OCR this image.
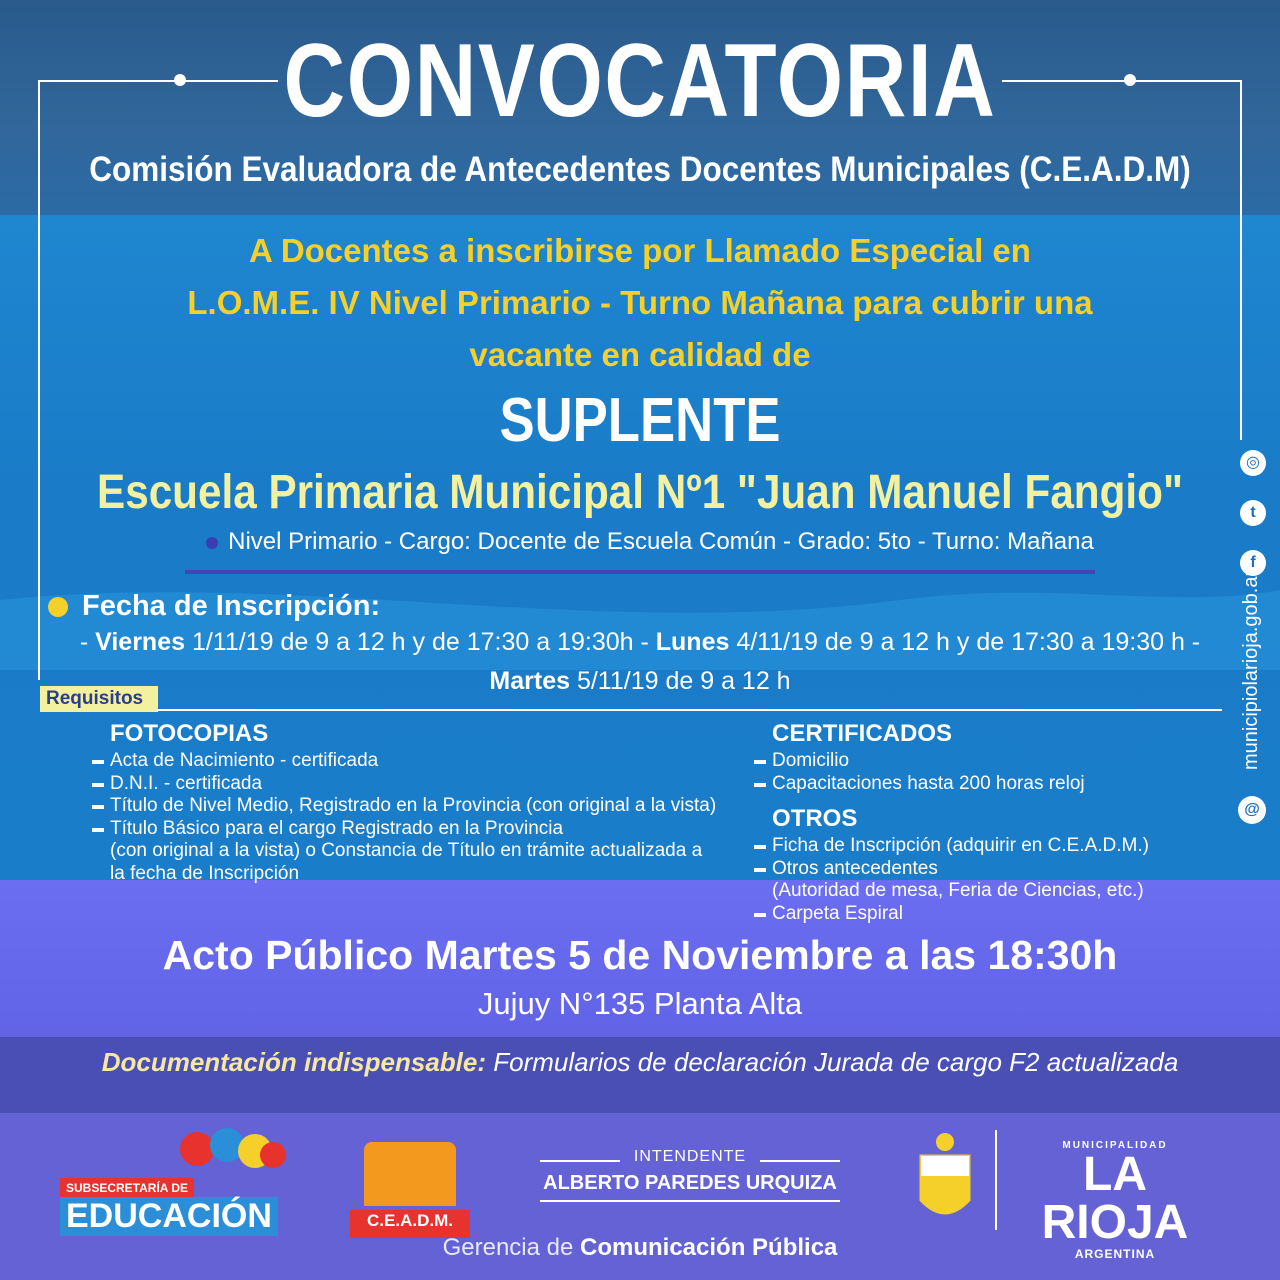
CONVOCATORIA
Comisión Evaluadora de Antecedentes Docentes Municipales (C.E.A.D.M)
A Docentes a inscribirse por Llamado Especial en
L.O.M.E. IV Nivel Primario - Turno Mañana para cubrir una
vacante en calidad de
SUPLENTE
Escuela Primaria Municipal Nº1 "Juan Manuel Fangio"
Nivel Primario - Cargo: Docente de Escuela Común - Grado: 5to - Turno: Mañana
Fecha de Inscripción:
- Viernes 1/11/19 de 9 a 12 h y de 17:30 a 19:30h - Lunes 4/11/19 de 9 a 12 h y de 17:30 a 19:30 h -
Martes 5/11/19 de 9 a 12 h
Requisitos
FOTOCOPIAS
Acta de Nacimiento - certificada
D.N.I. - certificada
Título de Nivel Medio, Registrado en la Provincia (con original a la vista)
Título Básico para el cargo Registrado en la Provincia
(con original a la vista) o Constancia de Título en trámite actualizada a
la fecha de Inscripción
CERTIFICADOS
Domicilio
Capacitaciones hasta 200 horas reloj
OTROS
Ficha de Inscripción (adquirir en C.E.A.D.M.)
Otros antecedentes
(Autoridad de mesa, Feria de Ciencias, etc.)
Carpeta Espiral
Acto Público Martes 5 de Noviembre a las 18:30h
Jujuy N°135 Planta Alta
Documentación indispensable: Formularios de declaración Jurada de cargo F2 actualizada
◎
t
f
municipiolarioja.gob.ar
@
SUBSECRETARÍA DE
EDUCACIÓN	C.E.A.D.M.
INTENDENTE
ALBERTO PAREDES URQUIZA
MUNICIPALIDAD
LA RIOJA
ARGENTINA
Gerencia de Comunicación Pública
